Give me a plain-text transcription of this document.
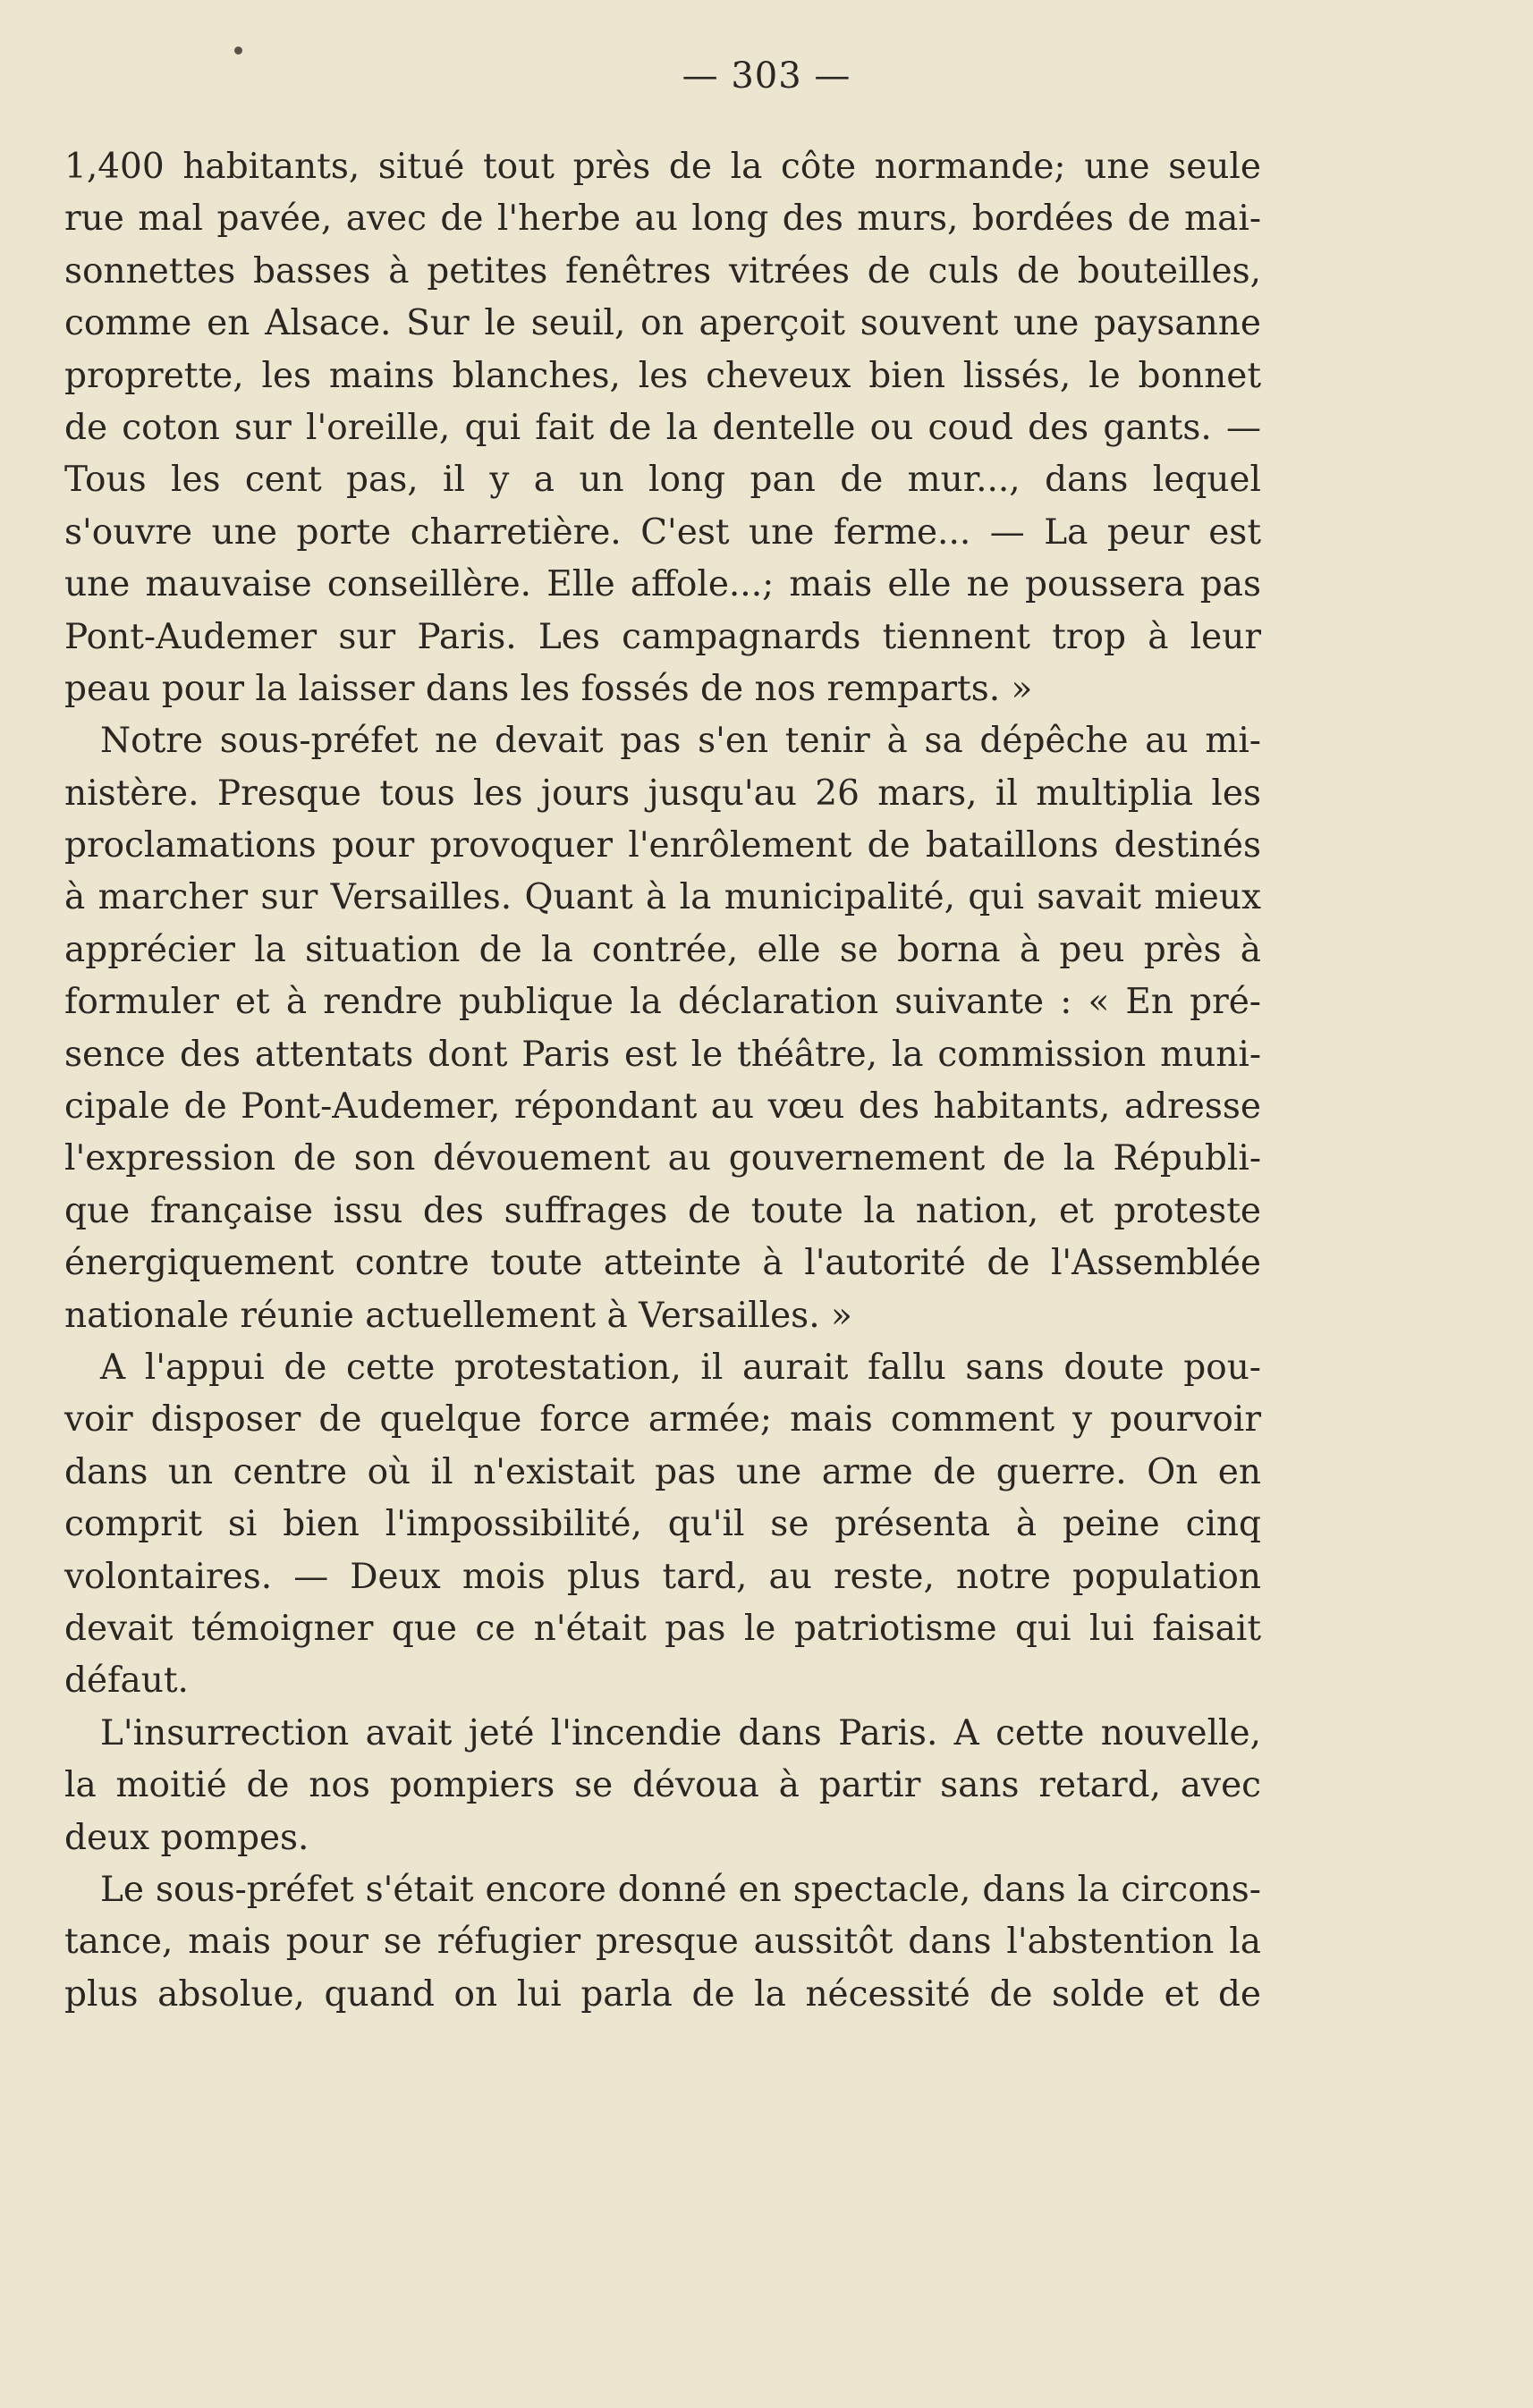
— 303 —
1,400 habitants, situé tout près de la côte normande; une seule
rue mal pavée, avec de l'herbe au long des murs, bordées de mai-
sonnettes basses à petites fenêtres vitrées de culs de bouteilles,
comme en Alsace. Sur le seuil, on aperçoit souvent une paysanne
proprette, les mains blanches, les cheveux bien lissés, le bonnet
de coton sur l'oreille, qui fait de la dentelle ou coud des gants. —
Tous les cent pas, il y a un long pan de mur..., dans lequel
s'ouvre une porte charretière. C'est une ferme... — La peur est
une mauvaise conseillère. Elle affole...; mais elle ne poussera pas
Pont-Audemer sur Paris. Les campagnards tiennent trop à leur
peau pour la laisser dans les fossés de nos remparts. »
Notre sous-préfet ne devait pas s'en tenir à sa dépêche au mi-
nistère. Presque tous les jours jusqu'au 26 mars, il multiplia les
proclamations pour provoquer l'enrôlement de bataillons destinés
à marcher sur Versailles. Quant à la municipalité, qui savait mieux
apprécier la situation de la contrée, elle se borna à peu près à
formuler et à rendre publique la déclaration suivante : « En pré-
sence des attentats dont Paris est le théâtre, la commission muni-
cipale de Pont-Audemer, répondant au vœu des habitants, adresse
l'expression de son dévouement au gouvernement de la Républi-
que française issu des suffrages de toute la nation, et proteste
énergiquement contre toute atteinte à l'autorité de l'Assemblée
nationale réunie actuellement à Versailles. »
A l'appui de cette protestation, il aurait fallu sans doute pou-
voir disposer de quelque force armée; mais comment y pourvoir
dans un centre où il n'existait pas une arme de guerre. On en
comprit si bien l'impossibilité, qu'il se présenta à peine cinq
volontaires. — Deux mois plus tard, au reste, notre population
devait témoigner que ce n'était pas le patriotisme qui lui faisait
défaut.
L'insurrection avait jeté l'incendie dans Paris. A cette nouvelle,
la moitié de nos pompiers se dévoua à partir sans retard, avec
deux pompes.
Le sous-préfet s'était encore donné en spectacle, dans la circons-
tance, mais pour se réfugier presque aussitôt dans l'abstention la
plus absolue, quand on lui parla de la nécessité de solde et de
